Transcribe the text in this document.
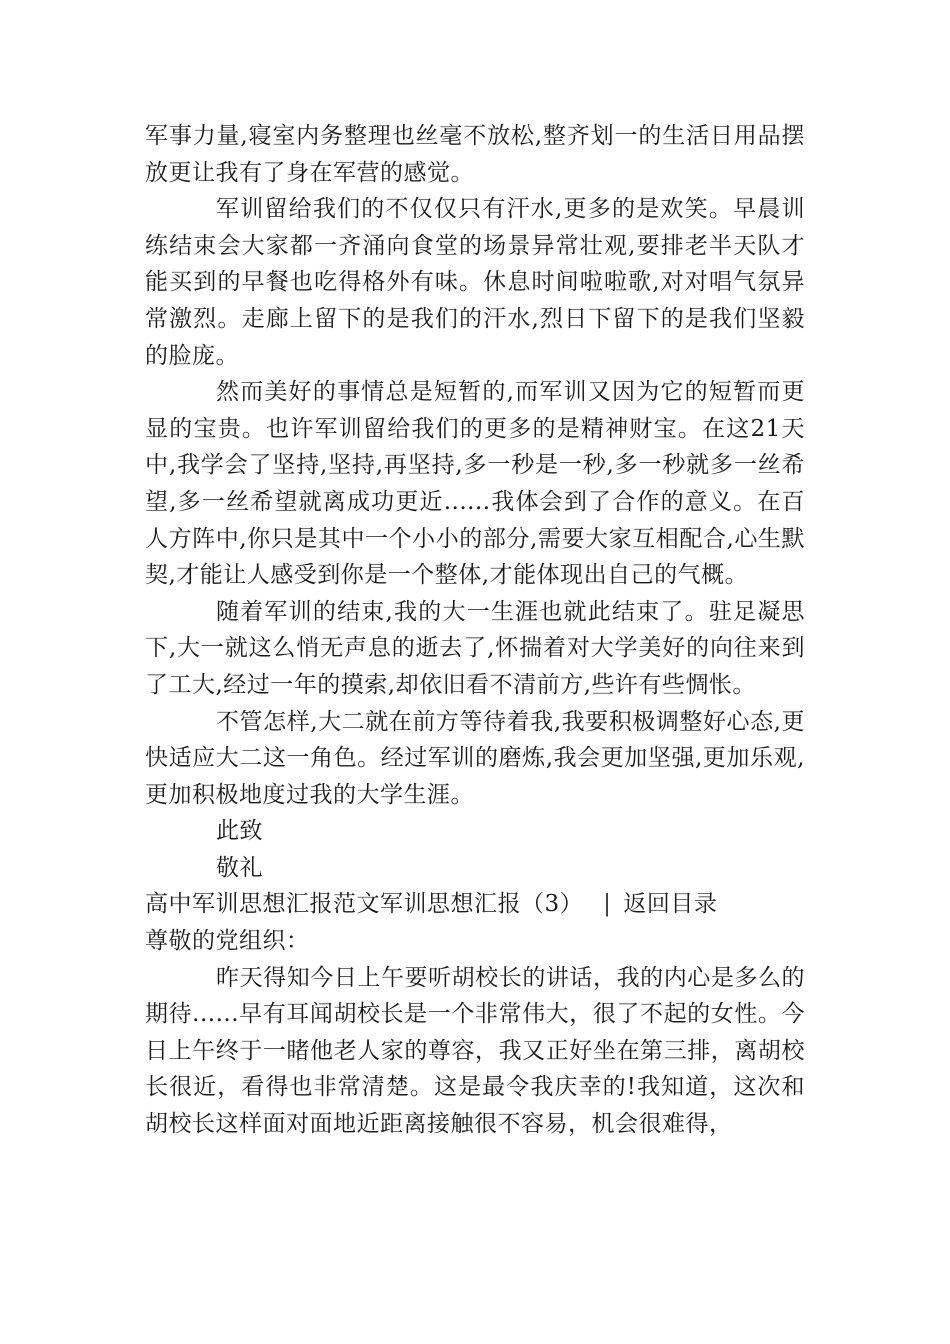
军事力量,寝室内务整理也丝毫不放松,整齐划一的生活日用品摆放更让我有了身在军营的感觉。

军训留给我们的不仅仅只有汗水,更多的是欢笑。早晨训练结束会大家都一齐涌向食堂的场景异常壮观,要排老半天队才能买到的早餐也吃得格外有味。休息时间啦啦歌,对对唱气氛异常激烈。走廊上留下的是我们的汗水,烈日下留下的是我们坚毅的脸庞。

然而美好的事情总是短暂的,而军训又因为它的短暂而更显的宝贵。也许军训留给我们的更多的是精神财宝。在这21天中,我学会了坚持,坚持,再坚持,多一秒是一秒,多一秒就多一丝希望,多一丝希望就离成功更近......我体会到了合作的意义。在百人方阵中,你只是其中一个小小的部分,需要大家互相配合,心生默契,才能让人感受到你是一个整体,才能体现出自己的气概。

随着军训的结束,我的大一生涯也就此结束了。驻足凝思下,大一就这么悄无声息的逝去了,怀揣着对大学美好的向往来到了工大,经过一年的摸索,却依旧看不清前方,些许有些惆怅。

不管怎样,大二就在前方等待着我,我要积极调整好心态,更快适应大二这一角色。经过军训的磨炼,我会更加坚强,更加乐观,更加积极地度过我的大学生涯。

此致

敬礼

高中军训思想汇报范文军训思想汇报（3） | 返回目录

尊敬的党组织：

昨天得知今日上午要听胡校长的讲话，我的内心是多么的期待......早有耳闻胡校长是一个非常伟大，很了不起的女性。今日上午终于一睹他老人家的尊容，我又正好坐在第三排，离胡校长很近，看得也非常清楚。这是最令我庆幸的!我知道，这次和胡校长这样面对面地近距离接触很不容易，机会很难得，
